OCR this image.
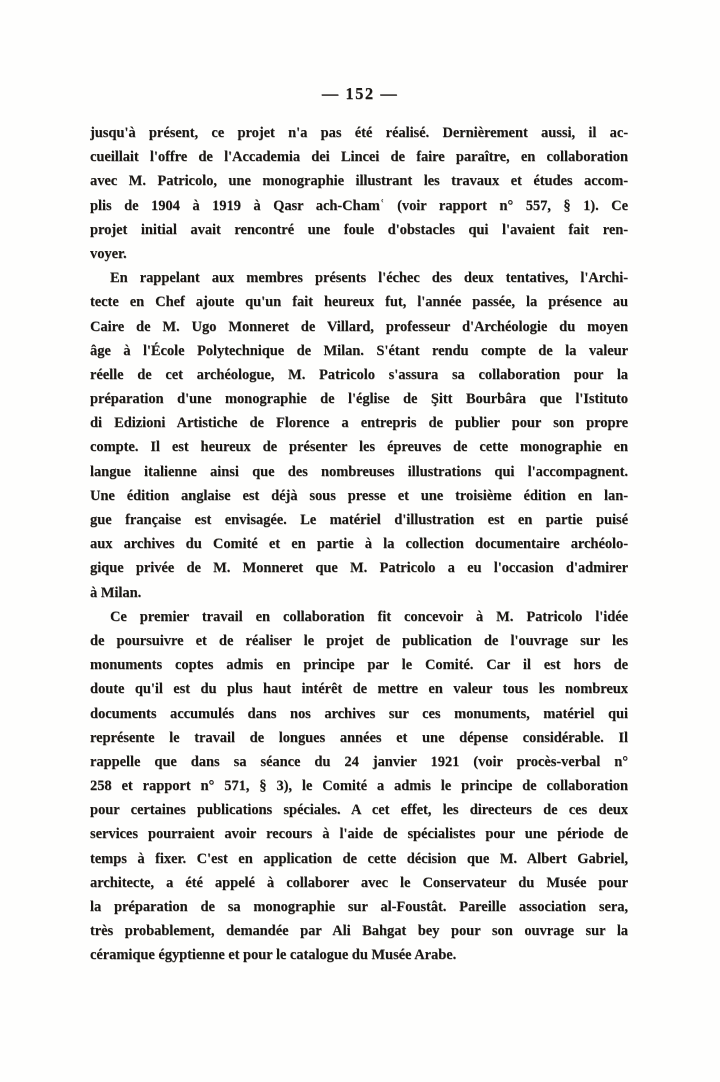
— 152 —
jusqu'à présent, ce projet n'a pas été réalisé. Dernièrement aussi, il ac-
cueillait l'offre de l'Accademia dei Lincei de faire paraître, en collaboration
avec M. Patricolo, une monographie illustrant les travaux et études accom-
plis de 1904 à 1919 à Qasr ach-Chamʿ (voir rapport n° 557, § 1). Ce
projet initial avait rencontré une foule d'obstacles qui l'avaient fait ren-
voyer.
En rappelant aux membres présents l'échec des deux tentatives, l'Archi-
tecte en Chef ajoute qu'un fait heureux fut, l'année passée, la présence au
Caire de M. Ugo Monneret de Villard, professeur d'Archéologie du moyen
âge à l'École Polytechnique de Milan. S'étant rendu compte de la valeur
réelle de cet archéologue, M. Patricolo s'assura sa collaboration pour la
préparation d'une monographie de l'église de Şitt Bourbâra que l'Istituto
di Edizioni Artistiche de Florence a entrepris de publier pour son propre
compte. Il est heureux de présenter les épreuves de cette monographie en
langue italienne ainsi que des nombreuses illustrations qui l'accompagnent.
Une édition anglaise est déjà sous presse et une troisième édition en lan-
gue française est envisagée. Le matériel d'illustration est en partie puisé
aux archives du Comité et en partie à la collection documentaire archéolo-
gique privée de M. Monneret que M. Patricolo a eu l'occasion d'admirer
à Milan.
Ce premier travail en collaboration fit concevoir à M. Patricolo l'idée
de poursuivre et de réaliser le projet de publication de l'ouvrage sur les
monuments coptes admis en principe par le Comité. Car il est hors de
doute qu'il est du plus haut intérêt de mettre en valeur tous les nombreux
documents accumulés dans nos archives sur ces monuments, matériel qui
représente le travail de longues années et une dépense considérable. Il
rappelle que dans sa séance du 24 janvier 1921 (voir procès-verbal n°
258 et rapport n° 571, § 3), le Comité a admis le principe de collaboration
pour certaines publications spéciales. A cet effet, les directeurs de ces deux
services pourraient avoir recours à l'aide de spécialistes pour une période de
temps à fixer. C'est en application de cette décision que M. Albert Gabriel,
architecte, a été appelé à collaborer avec le Conservateur du Musée pour
la préparation de sa monographie sur al-Foustât. Pareille association sera,
très probablement, demandée par Ali Bahgat bey pour son ouvrage sur la
céramique égyptienne et pour le catalogue du Musée Arabe.
